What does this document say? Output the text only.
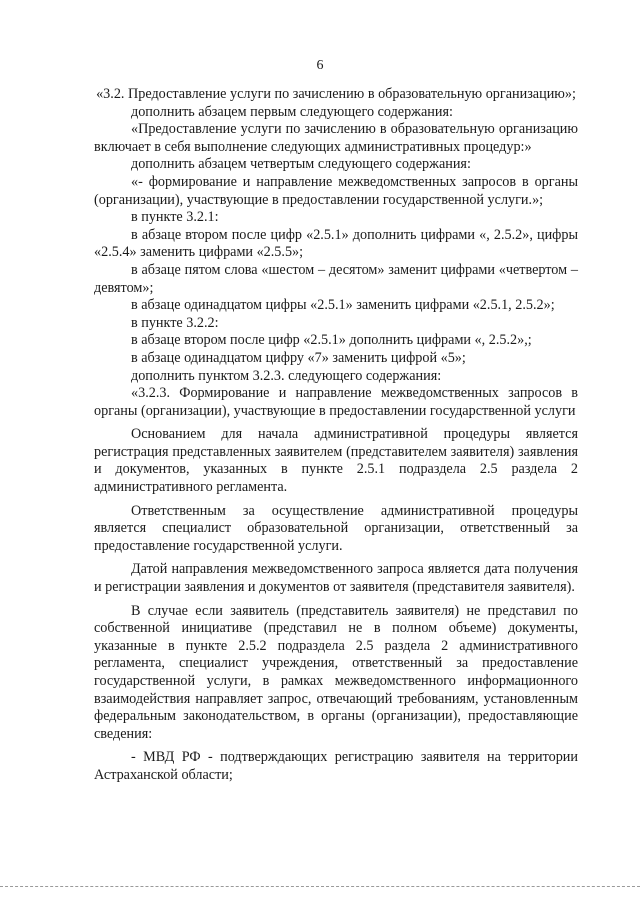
6

«3.2. Предоставление услуги по зачислению в образовательную организацию»;

дополнить абзацем первым следующего содержания:

«Предоставление услуги по зачислению в образовательную организацию включает в себя выполнение следующих административных процедур:»

дополнить абзацем четвертым следующего содержания:

«- формирование и направление межведомственных запросов в органы (организации), участвующие в предоставлении государственной услуги.»;

в пункте 3.2.1:

в абзаце втором после цифр «2.5.1» дополнить цифрами «, 2.5.2», цифры «2.5.4» заменить цифрами «2.5.5»;

в абзаце пятом слова «шестом – десятом» заменит цифрами «четвертом – девятом»;

в абзаце одинадцатом цифры «2.5.1» заменить цифрами «2.5.1, 2.5.2»;

в пункте 3.2.2:

в абзаце втором после цифр «2.5.1» дополнить цифрами «, 2.5.2»,;

в абзаце одинадцатом цифру «7» заменить цифрой «5»;

дополнить пунктом 3.2.3. следующего содержания:

«3.2.3. Формирование и направление межведомственных запросов в органы (организации), участвующие в предоставлении государственной услуги

Основанием для начала административной процедуры является регистрация представленных заявителем (представителем заявителя) заявления и документов, указанных в пункте 2.5.1 подраздела 2.5 раздела 2 административного регламента.

Ответственным за осуществление административной процедуры является специалист образовательной организации, ответственный за предоставление государственной услуги.

Датой направления межведомственного запроса является дата получения и регистрации заявления и документов от заявителя (представителя заявителя).

В случае если заявитель (представитель заявителя) не представил по собственной инициативе (представил не в полном объеме) документы, указанные в пункте 2.5.2 подраздела 2.5 раздела 2 административного регламента, специалист учреждения, ответственный за предоставление государственной услуги, в рамках межведомственного информационного взаимодействия направляет запрос, отвечающий требованиям, установленным федеральным законодательством, в органы (организации), предоставляющие сведения:

- МВД РФ - подтверждающих регистрацию заявителя на территории Астраханской области;
